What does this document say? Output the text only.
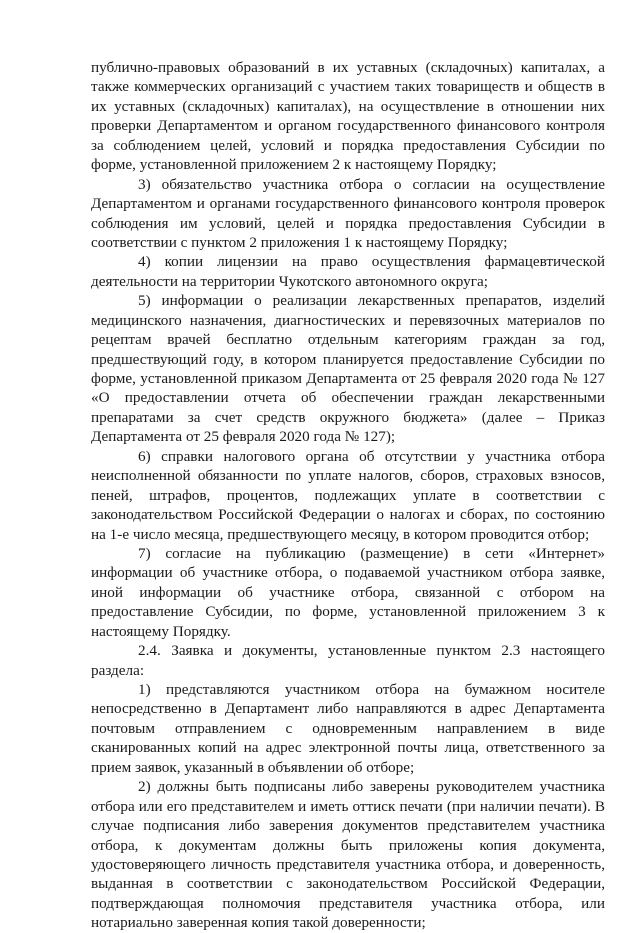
публично-правовых образований в их уставных (складочных) капиталах, а
также коммерческих организаций с участием таких товариществ и обществ в
их уставных (складочных) капиталах), на осуществление в отношении них
проверки Департаментом и органом государственного финансового контроля
за соблюдением целей, условий и порядка предоставления Субсидии по
форме, установленной приложением 2 к настоящему Порядку;
3) обязательство участника отбора о согласии на осуществление
Департаментом и органами государственного финансового контроля проверок
соблюдения им условий, целей и порядка предоставления Субсидии в
соответствии с пунктом 2 приложения 1 к настоящему Порядку;
4) копии лицензии на право осуществления фармацевтической
деятельности на территории Чукотского автономного округа;
5) информации о реализации лекарственных препаратов, изделий
медицинского назначения, диагностических и перевязочных материалов по
рецептам врачей бесплатно отдельным категориям граждан за год,
предшествующий году, в котором планируется предоставление Субсидии по
форме, установленной приказом Департамента от 25 февраля 2020 года № 127
«О предоставлении отчета об обеспечении граждан лекарственными
препаратами за счет средств окружного бюджета» (далее – Приказ
Департамента от 25 февраля 2020 года № 127);
6) справки налогового органа об отсутствии у участника отбора
неисполненной обязанности по уплате налогов, сборов, страховых взносов,
пеней, штрафов, процентов, подлежащих уплате в соответствии с
законодательством Российской Федерации о налогах и сборах, по состоянию
на 1-е число месяца, предшествующего месяцу, в котором проводится отбор;
7) согласие на публикацию (размещение) в сети «Интернет»
информации об участнике отбора, о подаваемой участником отбора заявке,
иной информации об участнике отбора, связанной с отбором на
предоставление Субсидии, по форме, установленной приложением 3 к
настоящему Порядку.
2.4. Заявка и документы, установленные пунктом 2.3 настоящего
раздела:
1) представляются участником отбора на бумажном носителе
непосредственно в Департамент либо направляются в адрес Департамента
почтовым отправлением с одновременным направлением в виде
сканированных копий на адрес электронной почты лица, ответственного за
прием заявок, указанный в объявлении об отборе;
2) должны быть подписаны либо заверены руководителем участника
отбора или его представителем и иметь оттиск печати (при наличии печати). В
случае подписания либо заверения документов представителем участника
отбора, к документам должны быть приложены копия документа,
удостоверяющего личность представителя участника отбора, и доверенность,
выданная в соответствии с законодательством Российской Федерации,
подтверждающая полномочия представителя участника отбора, или
нотариально заверенная копия такой доверенности;
